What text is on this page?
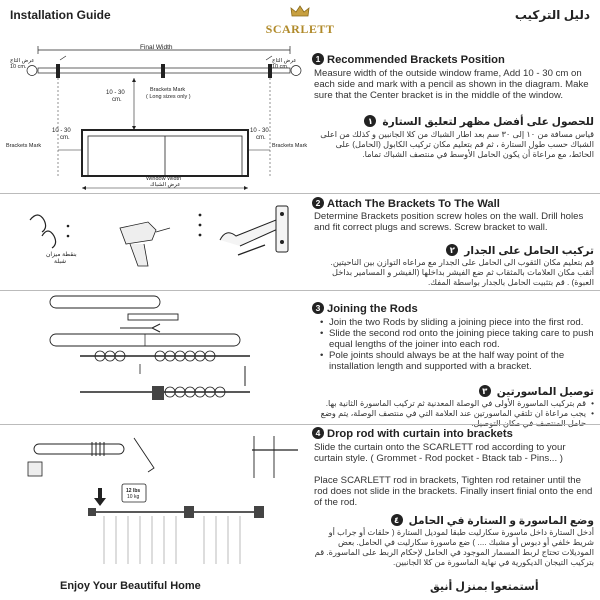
Installation Guide
SCARLETT
دليل التركيب
Final Width
عرض التاج
10 cm.
عرض التاج
10 cm.
10 - 30
cm.
Brackets Mark
( Long sizes only )
Brackets Mark	Brackets Mark
10 - 30
cm.
10 - 30
cm.
Window Width
عرض الشباك
1 Recommended Brackets Position
Measure width of the outside window frame, Add 10 - 30 cm on each side and mark with a pencil as shown in the diagram. Make sure that the Center bracket is in the middle of the window.
للحصول على أفضل مظهر لتعليق الستارة ١
قياس مسافة من ١٠ إلى ٣٠ سم بعد اطار الشباك من كلا الجانبين و كذلك من اعلى الشباك حسب طول الستارة ، ثم قم بتعليم مكان تركيب الكابول (الحامل) على الحائط، مع مراعاة أن يكون الحامل الأوسط في منتصف الشباك تماما.
بنقطة ميزان
شبلة
2 Attach The Brackets To The Wall
Determine Brackets position screw holes on the wall. Drill holes and fit correct plugs and screws. Screw bracket to wall.
تركيب الحامل على الجدار ٢
قم بتعليم مكان الثقوب الى الحامل على الجدار مع مراعاه التوازن بين الناحيتين. أثقب مكان العلامات بالمثقاب ثم ضع الفيشر بداخلها (الفيشر و المسامير بداخل العبوة) . قم بتثبيت الحامل بالجدار بواسطة المفك.
3 Joining the Rods
• Join the two Rods by sliding a joining piece into the first rod.
• Slide the second rod onto the joining piece taking care to push equal lengths of the joiner into each rod.
• Pole joints should always be at the half way point of the installation length and supported with a bracket.
توصيل الماسورتين ٣
• قم بتركيب الماسورة الأولى في الوصلة المعدنية ثم تركيب الماسورة الثانية بها.
• يجب مراعاة ان تلتقي الماسورتين عند العلامة التي في منتصف الوصلة، يتم وضع
12 lbs
10 kg
4 Drop rod with curtain into brackets
Slide the curtain onto the SCARLETT rod according to your curtain style. ( Grommet - Rod pocket - Btack tab - Pins... )
Place SCARLETT rod in brackets, Tighten rod retainer until the rod does not slide in the brackets. Finally insert finial onto the end of the rod.
وضع الماسورة و الستارة في الحامل ٤
أدخل الستارة داخل ماسورة سكارليت طبقا لموديل الستارة ( حلقات أو جراب أو شريط خلفي أو دبوس أو مشبك .... ) ضع ماسورة سكارليت في الحامل. بعض الموديلات تحتاج لربط المسمار الموجود في الحامل لإحكام الربط على الماسورة. قم بتركيب التيجان الديكورية في نهاية الماسورة من كلا الجانبين.
Enjoy Your Beautiful Home	أستمتعوا بمنزل أنيق
